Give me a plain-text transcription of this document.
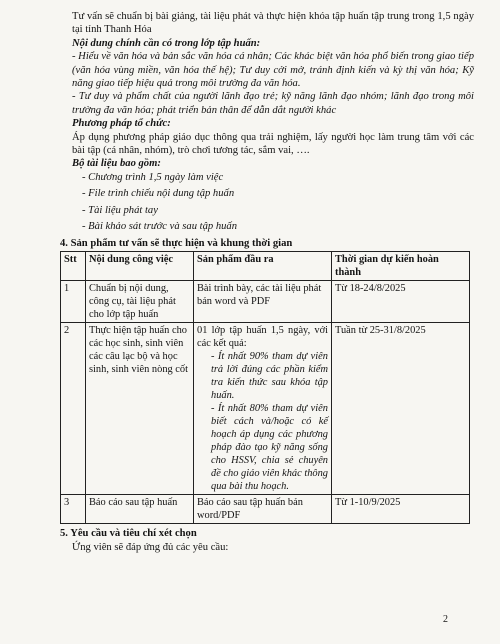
Tư vấn sẽ chuẩn bị bài giảng, tài liệu phát và thực hiện khóa tập huấn tập trung trong 1,5 ngày tại tỉnh Thanh Hóa

Nội dung chính cần có trong lớp tập huấn:

- Hiểu về văn hóa và bản sắc văn hóa cá nhân; Các khác biệt văn hóa phổ biến trong giao tiếp (văn hóa vùng miền, văn hóa thế hệ); Tư duy cởi mở, tránh định kiến và kỳ thị văn hóa; Kỹ năng giao tiếp hiệu quả trong môi trường đa văn hóa.

- Tư duy và phẩm chất của người lãnh đạo trẻ; kỹ năng lãnh đạo nhóm; lãnh đạo trong môi trường đa văn hóa; phát triển bản thân để dẫn dắt người khác

Phương pháp tổ chức:

Áp dụng phương pháp giáo dục thông qua trải nghiệm, lấy người học làm trung tâm với các bài tập (cá nhân, nhóm), trò chơi tương tác, sắm vai, ….

Bộ tài liệu bao gồm:

- Chương trình 1,5 ngày làm việc

- File trình chiếu nội dung tập huấn

- Tài liệu phát tay

- Bài khảo sát trước và sau tập huấn

4. Sản phẩm tư vấn sẽ thực hiện và khung thời gian

Stt	Nội dung công việc	Sản phẩm đầu ra	Thời gian dự kiến hoàn thành
1	Chuẩn bị nội dung, công cụ, tài liệu phát cho lớp tập huấn	Bài trình bày, các tài liệu phát bản word và PDF	Từ 18-24/8/2025
2	Thực hiện tập huấn cho các học sinh, sinh viên các câu lạc bộ và học sinh, sinh viên nòng cốt	01 lớp tập huấn 1,5 ngày, với các kết quả:
- Ít nhất 90% tham dự viên trả lời đúng các phần kiểm tra kiến thức sau khóa tập huấn.
- Ít nhất 80% tham dự viên biết cách và/hoặc có kế hoạch áp dụng các phương pháp đào tạo kỹ năng sống cho HSSV, chia sẻ chuyên đề cho giáo viên khác thông qua bài thu hoạch.	Tuần từ 25-31/8/2025
3	Báo cáo sau tập huấn	Báo cáo sau tập huấn bản word/PDF	Từ 1-10/9/2025

5. Yêu cầu và tiêu chí xét chọn

Ứng viên sẽ đáp ứng đủ các yêu cầu:

2
